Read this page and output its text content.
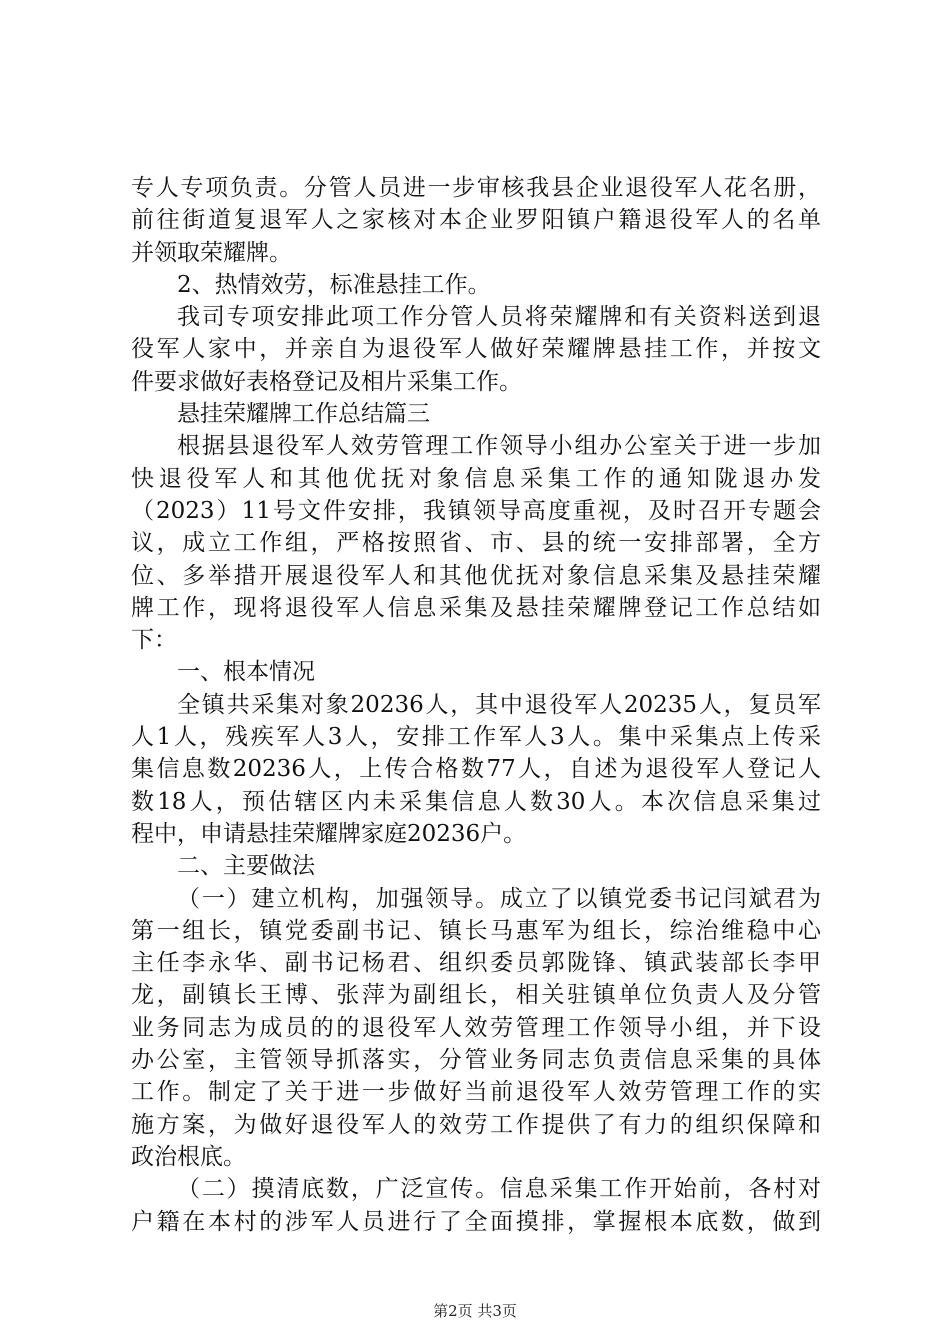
专人专项负责。分管人员进一步审核我县企业退役军人花名册，
前往街道复退军人之家核对本企业罗阳镇户籍退役军人的名单
并领取荣耀牌。
2、热情效劳，标准悬挂工作。
我司专项安排此项工作分管人员将荣耀牌和有关资料送到退
役军人家中，并亲自为退役军人做好荣耀牌悬挂工作，并按文
件要求做好表格登记及相片采集工作。
悬挂荣耀牌工作总结篇三
根据县退役军人效劳管理工作领导小组办公室关于进一步加
快退役军人和其他优抚对象信息采集工作的通知陇退办发
（2023）11号文件安排，我镇领导高度重视，及时召开专题会
议，成立工作组，严格按照省、市、县的统一安排部署，全方
位、多举措开展退役军人和其他优抚对象信息采集及悬挂荣耀
牌工作，现将退役军人信息采集及悬挂荣耀牌登记工作总结如
下：
一、根本情况
全镇共采集对象20236人，其中退役军人20235人，复员军
人1人，残疾军人3人，安排工作军人3人。集中采集点上传采
集信息数20236人，上传合格数77人，自述为退役军人登记人
数18人，预估辖区内未采集信息人数30人。本次信息采集过
程中，申请悬挂荣耀牌家庭20236户。
二、主要做法
（一）建立机构，加强领导。成立了以镇党委书记闫斌君为
第一组长，镇党委副书记、镇长马惠军为组长，综治维稳中心
主任李永华、副书记杨君、组织委员郭陇锋、镇武装部长李甲
龙，副镇长王博、张萍为副组长，相关驻镇单位负责人及分管
业务同志为成员的的退役军人效劳管理工作领导小组，并下设
办公室，主管领导抓落实，分管业务同志负责信息采集的具体
工作。制定了关于进一步做好当前退役军人效劳管理工作的实
施方案，为做好退役军人的效劳工作提供了有力的组织保障和
政治根底。
（二）摸清底数，广泛宣传。信息采集工作开始前，各村对
户籍在本村的涉军人员进行了全面摸排，掌握根本底数，做到
第2页 共3页
